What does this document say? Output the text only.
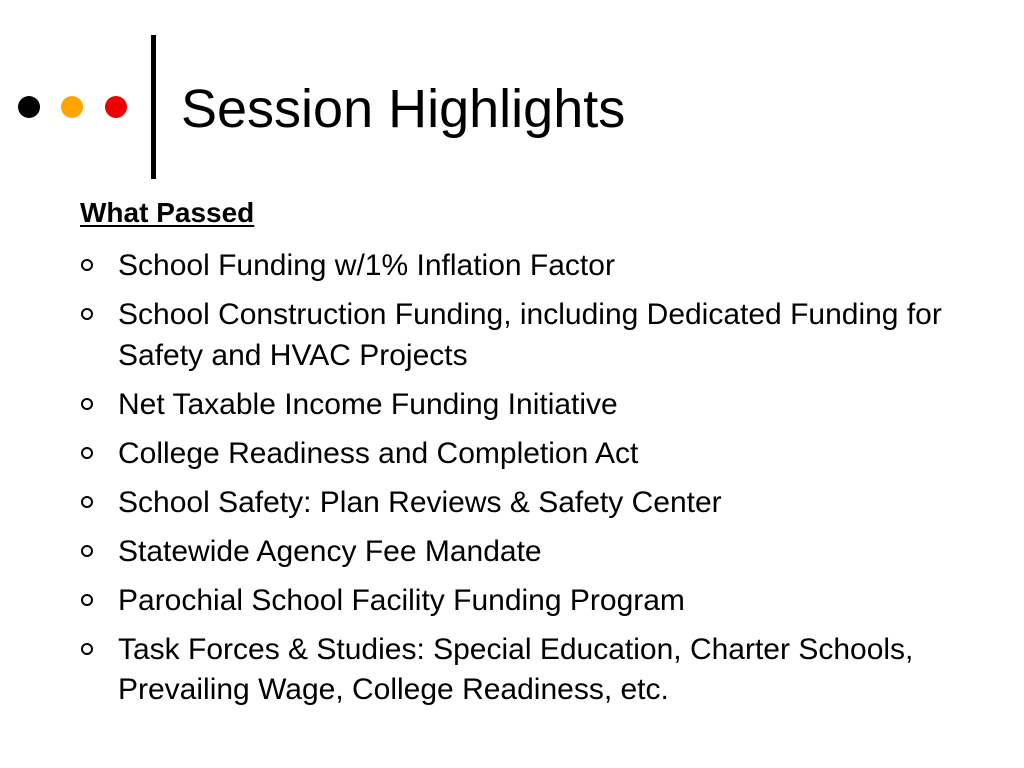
Session Highlights
What Passed
School Funding w/1% Inflation Factor
School Construction Funding, including Dedicated Funding for Safety and HVAC Projects
Net Taxable Income Funding Initiative
College Readiness and Completion Act
School Safety: Plan Reviews & Safety Center
Statewide Agency Fee Mandate
Parochial School Facility Funding Program
Task Forces & Studies: Special Education, Charter Schools, Prevailing Wage, College Readiness, etc.
